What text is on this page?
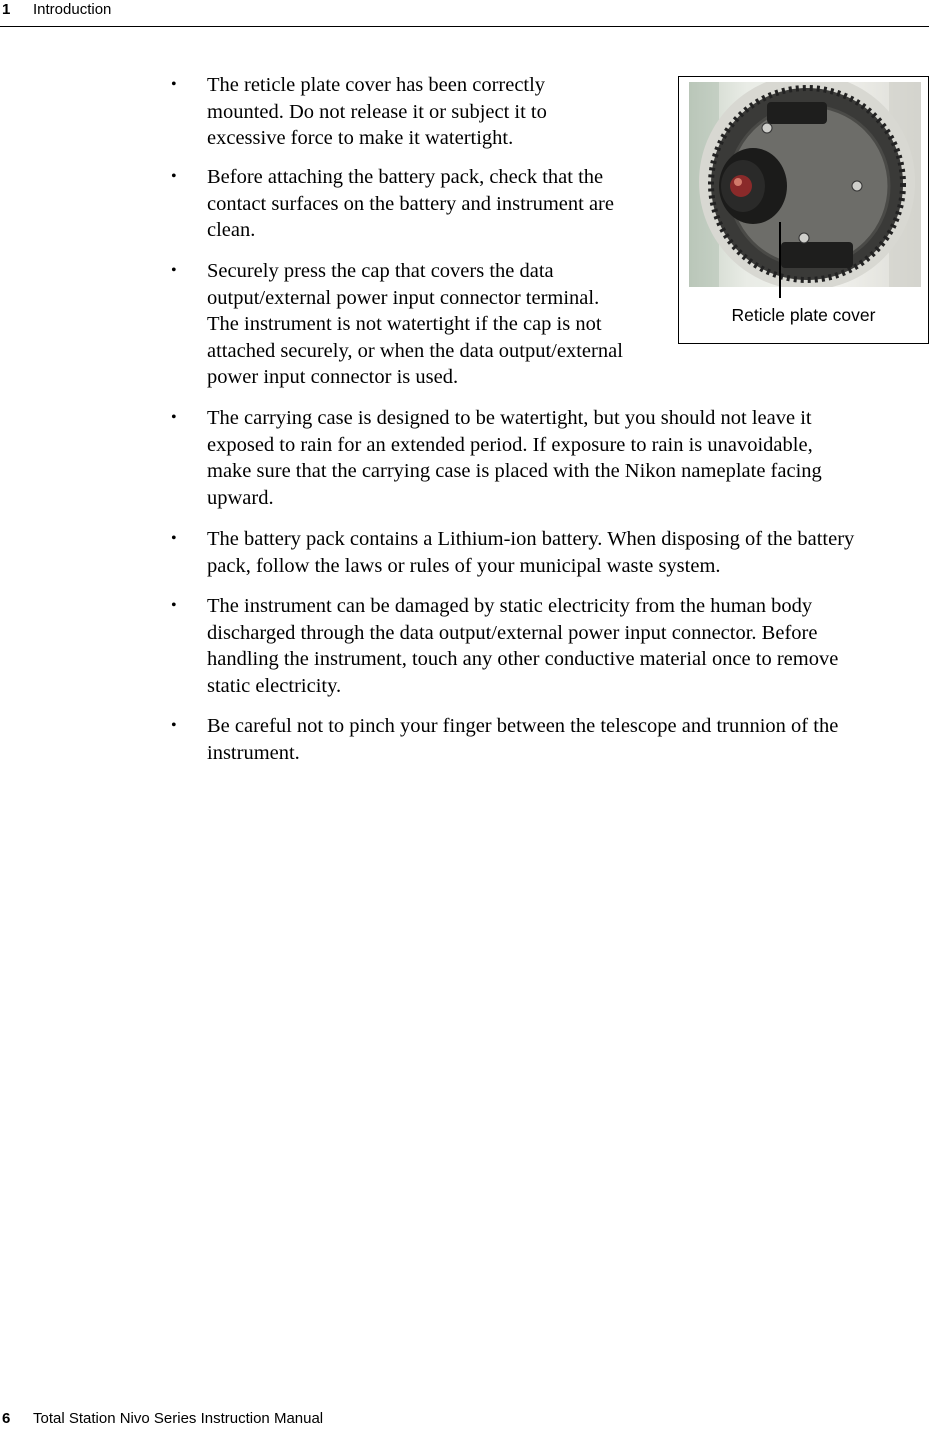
1 Introduction
• The reticle plate cover has been correctly
mounted. Do not release it or subject it to
excessive force to make it watertight.
• Before attaching the battery pack, check that the
contact surfaces on the battery and instrument are
clean.
• Securely press the cap that covers the data
output/external power input connector terminal.
The instrument is not watertight if the cap is not
attached securely, or when the data output/external
power input connector is used.
• The carrying case is designed to be watertight, but you should not leave it
exposed to rain for an extended period. If exposure to rain is unavoidable,
make sure that the carrying case is placed with the Nikon nameplate facing
upward.
• The battery pack contains a Lithium-ion battery. When disposing of the battery
pack, follow the laws or rules of your municipal waste system.
• The instrument can be damaged by static electricity from the human body
discharged through the data output/external power input connector. Before
handling the instrument, touch any other conductive material once to remove
static electricity.
• Be careful not to pinch your finger between the telescope and trunnion of the
instrument.
Reticle plate cover
6 Total Station Nivo Series Instruction Manual
